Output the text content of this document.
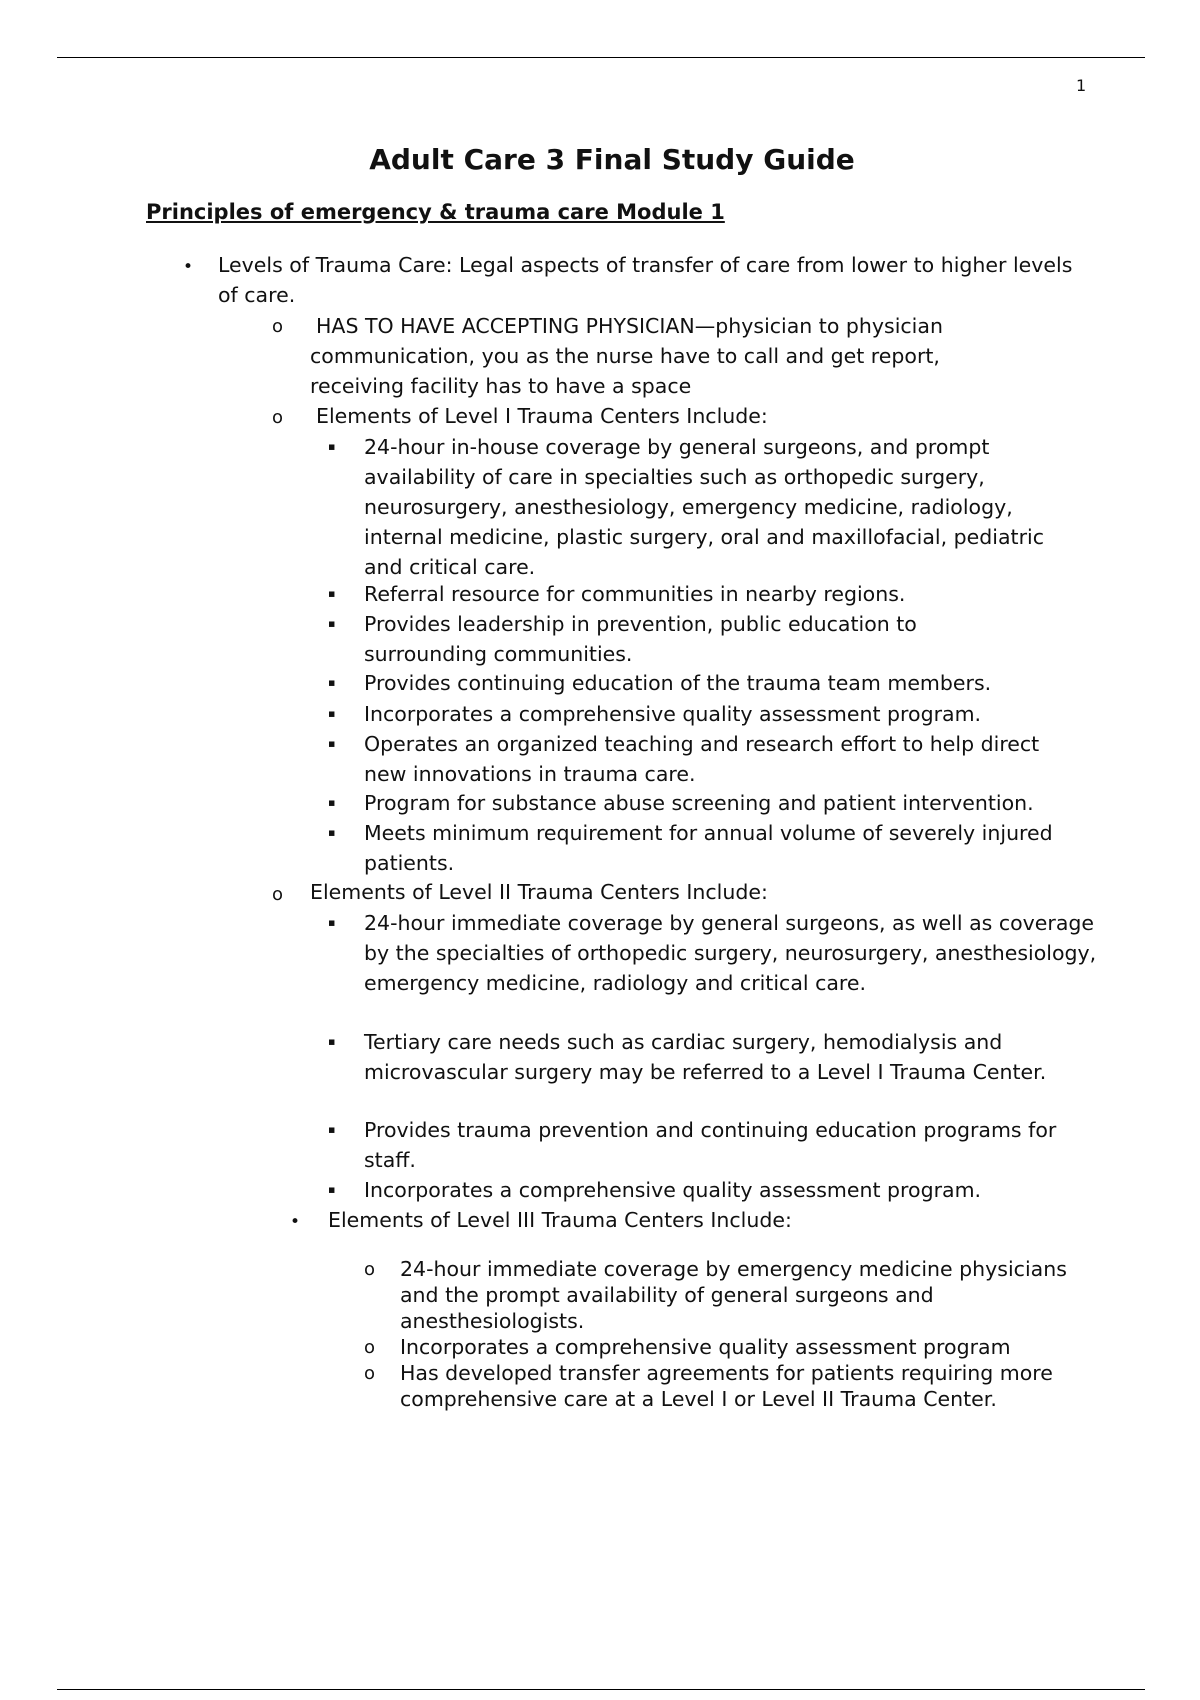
1
Adult Care 3 Final Study Guide
Principles of emergency & trauma care Module 1
• Levels of Trauma Care: Legal aspects of transfer of care from lower to higher levels of care.
o HAS TO HAVE ACCEPTING PHYSICIAN—physician to physician communication, you as the nurse have to call and get report, receiving facility has to have a space
o Elements of Level I Trauma Centers Include:
▪ 24-hour in-house coverage by general surgeons, and prompt availability of care in specialties such as orthopedic surgery, neurosurgery, anesthesiology, emergency medicine, radiology, internal medicine, plastic surgery, oral and maxillofacial, pediatric and critical care.
▪ Referral resource for communities in nearby regions.
▪ Provides leadership in prevention, public education to surrounding communities.
▪ Provides continuing education of the trauma team members.
▪ Incorporates a comprehensive quality assessment program.
▪ Operates an organized teaching and research effort to help direct new innovations in trauma care.
▪ Program for substance abuse screening and patient intervention.
▪ Meets minimum requirement for annual volume of severely injured patients.
o Elements of Level II Trauma Centers Include:
▪ 24-hour immediate coverage by general surgeons, as well as coverage by the specialties of orthopedic surgery, neurosurgery, anesthesiology, emergency medicine, radiology and critical care.
▪ Tertiary care needs such as cardiac surgery, hemodialysis and microvascular surgery may be referred to a Level I Trauma Center.
▪ Provides trauma prevention and continuing education programs for staff.
▪ Incorporates a comprehensive quality assessment program.
• Elements of Level III Trauma Centers Include:
o 24-hour immediate coverage by emergency medicine physicians and the prompt availability of general surgeons and anesthesiologists.
o Incorporates a comprehensive quality assessment program
o Has developed transfer agreements for patients requiring more comprehensive care at a Level I or Level II Trauma Center.
